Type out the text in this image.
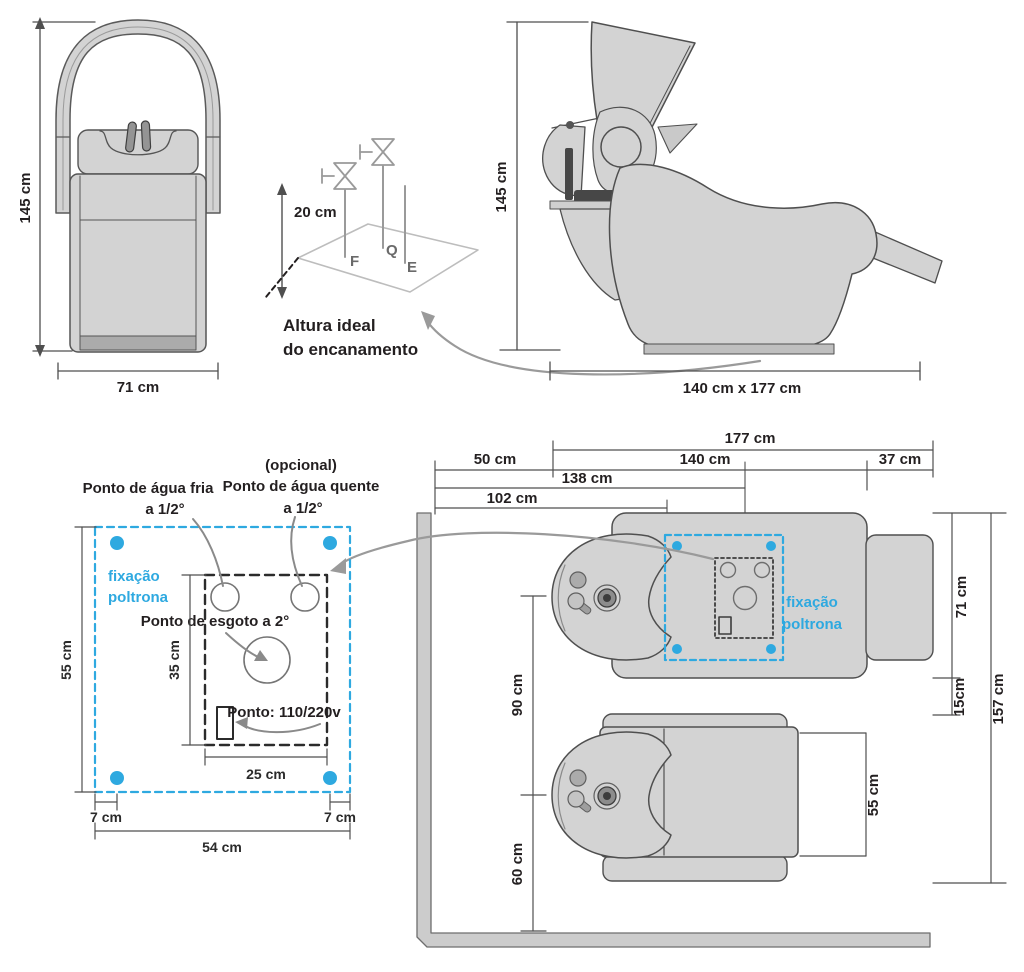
145 cm
71 cm
F
Q
E
20 cm
Altura ideal
do encanamento
145 cm
140 cm x 177 cm
177 cm
50 cm	140 cm	37 cm
138 cm
102 cm
fixação
poltrona
90 cm
60 cm
71 cm
15cm 157 cm
55 cm
fixação
poltrona
Ponto de água fria
a 1/2°
(opcional)
Ponto de água quente
a 1/2°
Ponto de esgoto a 2°
Ponto: 110/220v
55 cm	35 cm
25 cm
7 cm	7 cm
54 cm
